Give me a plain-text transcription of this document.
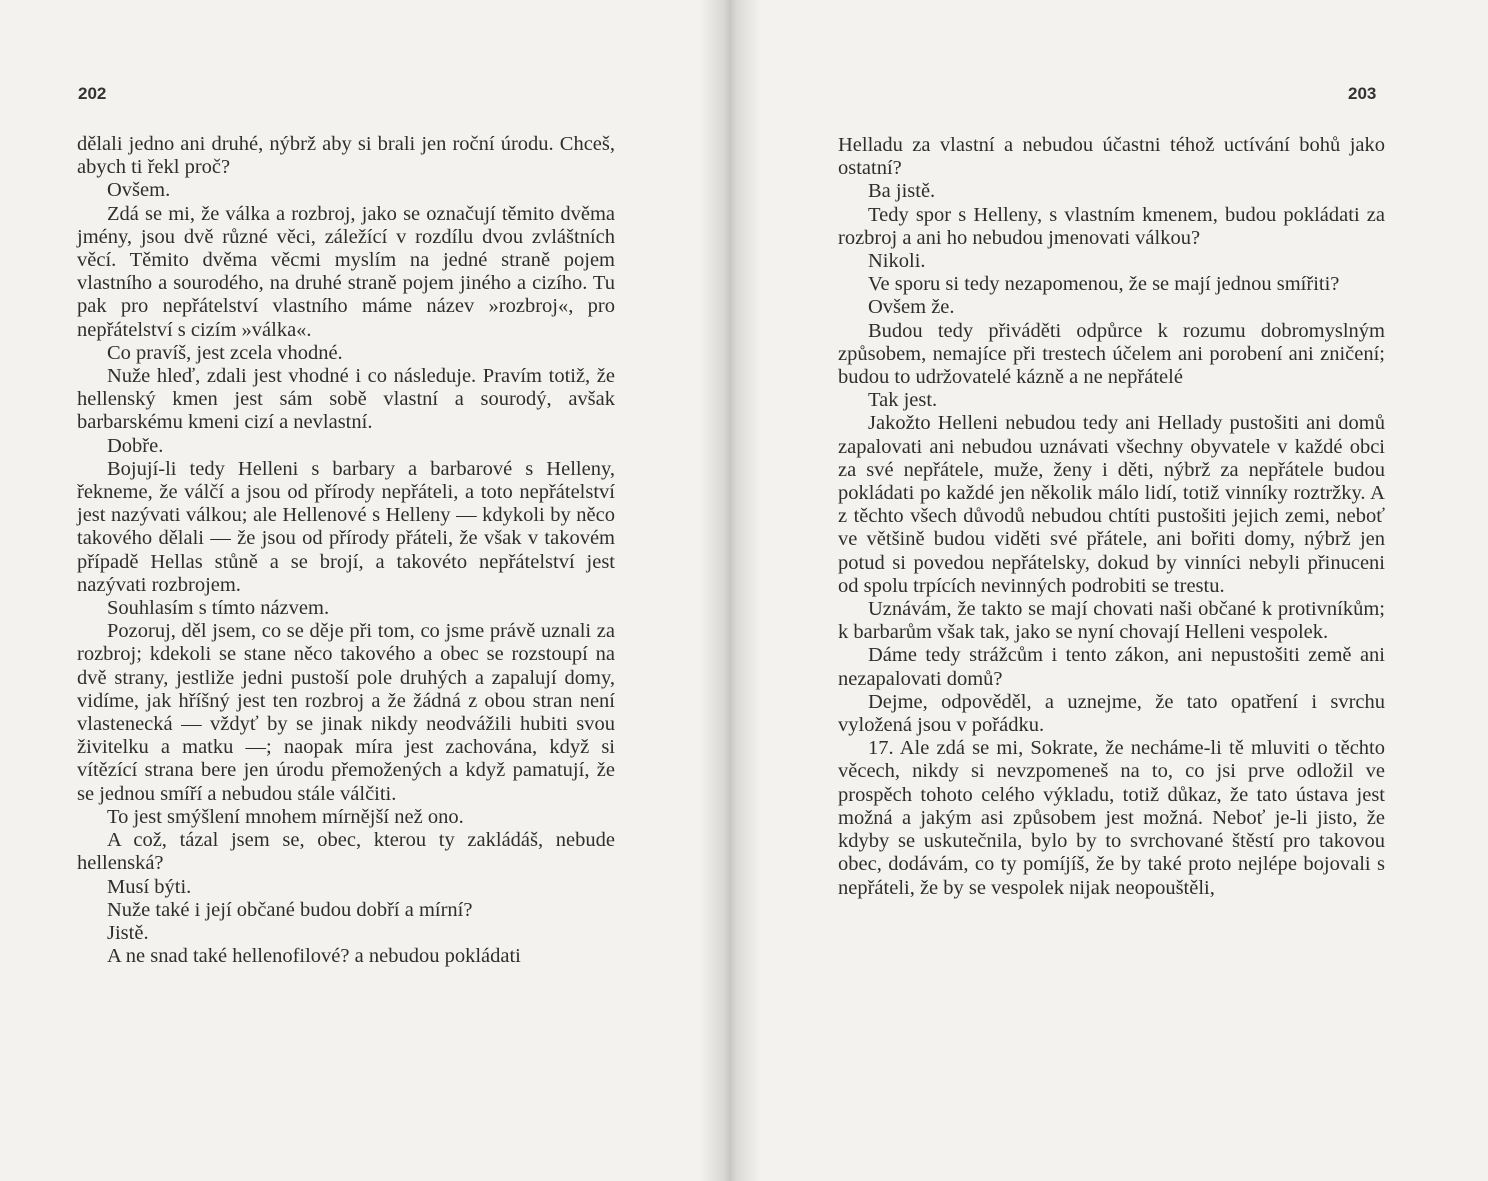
202

dělali jedno ani druhé, nýbrž aby si brali jen roční úrodu. Chceš, abych ti řekl proč?

Ovšem.

Zdá se mi, že válka a rozbroj, jako se označují těmito dvěma jmény, jsou dvě různé věci, záležící v rozdílu dvou zvláštních věcí. Těmito dvěma věcmi myslím na jedné straně pojem vlastního a sourodého, na druhé straně pojem jiného a cizího. Tu pak pro nepřátelství vlastního máme název »rozbroj«, pro nepřátelství s cizím »válka«.

Co pravíš, jest zcela vhodné.

Nuže hleď, zdali jest vhodné i co následuje. Pravím totiž, že hellenský kmen jest sám sobě vlastní a sourodý, avšak barbarskému kmeni cizí a nevlastní.

Dobře.

Bojují-li tedy Helleni s barbary a barbarové s Helleny, řekneme, že válčí a jsou od přírody nepřáteli, a toto nepřátelství jest nazývati válkou; ale Hellenové s Helleny — kdykoli by něco takového dělali — že jsou od přírody přáteli, že však v takovém případě Hellas stůně a se brojí, a takovéto nepřátelství jest nazývati rozbrojem.

Souhlasím s tímto názvem.

Pozoruj, děl jsem, co se děje při tom, co jsme právě uznali za rozbroj; kdekoli se stane něco takového a obec se rozstoupí na dvě strany, jestliže jedni pustoší pole druhých a zapalují domy, vidíme, jak hříšný jest ten rozbroj a že žádná z obou stran není vlastenecká — vždyť by se jinak nikdy neodvážili hubiti svou živitelku a matku —; naopak míra jest zachována, když si vítězící strana bere jen úrodu přemožených a když pamatují, že se jednou smíří a nebudou stále válčiti.

To jest smýšlení mnohem mírnější než ono.

A což, tázal jsem se, obec, kterou ty zakládáš, nebude hellenská?

Musí býti.

Nuže také i její občané budou dobří a mírní?

Jistě.

A ne snad také hellenofilové? a nebudou pokládati

203

Helladu za vlastní a nebudou účastni téhož uctívání bohů jako ostatní?

Ba jistě.

Tedy spor s Helleny, s vlastním kmenem, budou pokládati za rozbroj a ani ho nebudou jmenovati válkou?

Nikoli.

Ve sporu si tedy nezapomenou, že se mají jednou smířiti?

Ovšem že.

Budou tedy přiváděti odpůrce k rozumu dobromyslným způsobem, nemajíce při trestech účelem ani porobení ani zničení; budou to udržovatelé kázně a ne nepřátelé

Tak jest.

Jakožto Helleni nebudou tedy ani Hellady pustošiti ani domů zapalovati ani nebudou uznávati všechny obyvatele v každé obci za své nepřátele, muže, ženy i děti, nýbrž za nepřátele budou pokládati po každé jen několik málo lidí, totiž vinníky roztržky. A z těchto všech důvodů nebudou chtíti pustošiti jejich zemi, neboť ve většině budou viděti své přátele, ani bořiti domy, nýbrž jen potud si povedou nepřátelsky, dokud by vinníci nebyli přinuceni od spolu trpících nevinných podrobiti se trestu.

Uznávám, že takto se mají chovati naši občané k protivníkům; k barbarům však tak, jako se nyní chovají Helleni vespolek.

Dáme tedy strážcům i tento zákon, ani nepustošiti země ani nezapalovati domů?

Dejme, odpověděl, a uznejme, že tato opatření i svrchu vyložená jsou v pořádku.

17. Ale zdá se mi, Sokrate, že necháme-li tě mluviti o těchto věcech, nikdy si nevzpomeneš na to, co jsi prve odložil ve prospěch tohoto celého výkladu, totiž důkaz, že tato ústava jest možná a jakým asi způsobem jest možná. Neboť je-li jisto, že kdyby se uskutečnila, bylo by to svrchované štěstí pro takovou obec, dodávám, co ty pomíjíš, že by také proto nejlépe bojovali s nepřáteli, že by se vespolek nijak neopouštěli,
